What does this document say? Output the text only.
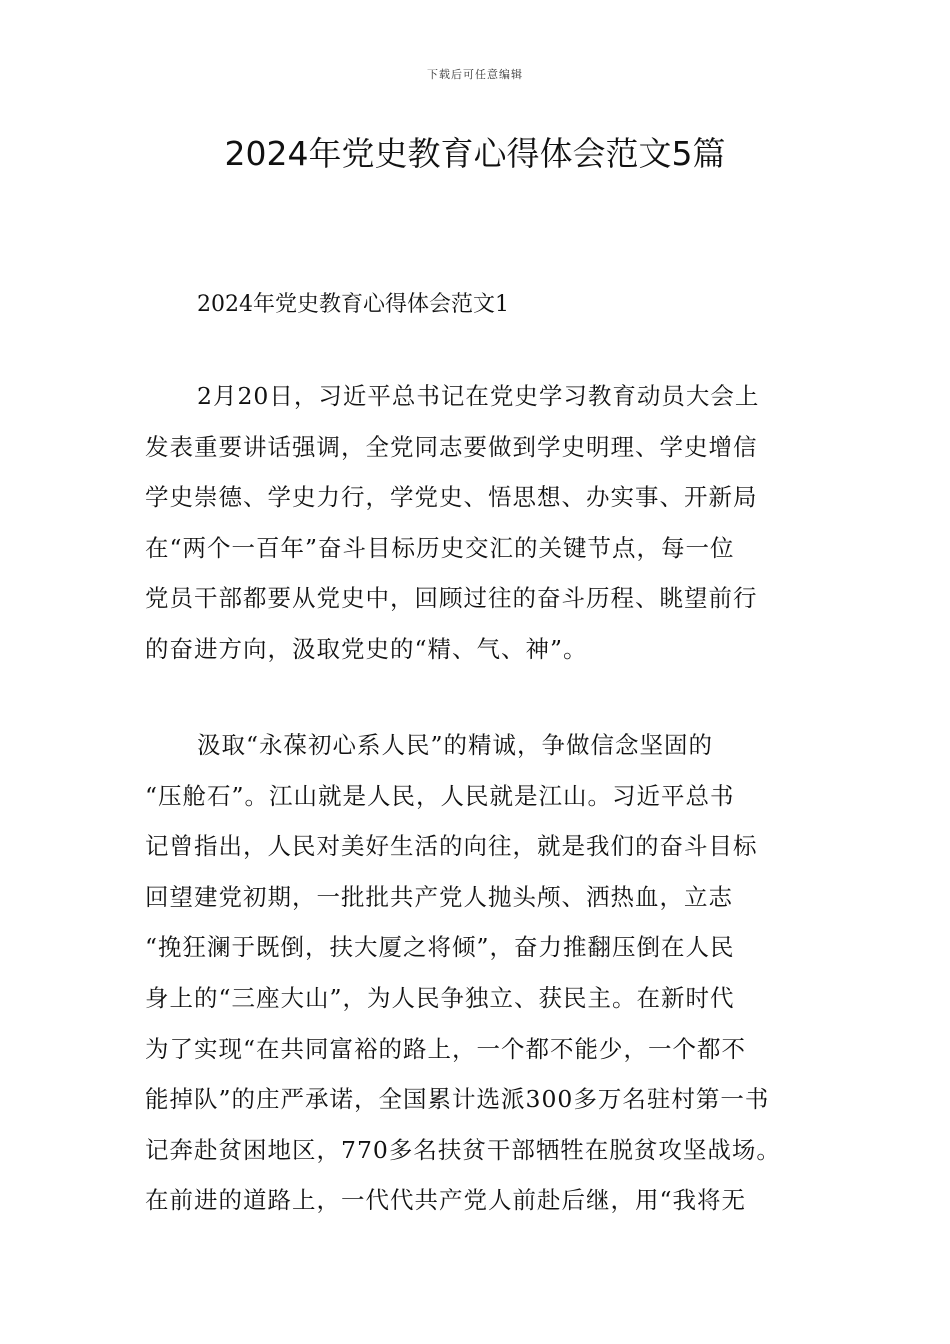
下载后可任意编辑
2024年党史教育心得体会范文5篇

2024年党史教育心得体会范文1

2月20日，习近平总书记在党史学习教育动员大会上
发表重要讲话强调，全党同志要做到学史明理、学史增信
学史崇德、学史力行，学党史、悟思想、办实事、开新局
在“两个一百年”奋斗目标历史交汇的关键节点，每一位
党员干部都要从党史中，回顾过往的奋斗历程、眺望前行
的奋进方向，汲取党史的“精、气、神”。
汲取“永葆初心系人民”的精诚，争做信念坚固的
“压舱石”。江山就是人民，人民就是江山。习近平总书
记曾指出，人民对美好生活的向往，就是我们的奋斗目标
回望建党初期，一批批共产党人抛头颅、洒热血，立志
“挽狂澜于既倒，扶大厦之将倾”，奋力推翻压倒在人民
身上的“三座大山”，为人民争独立、获民主。在新时代
为了实现“在共同富裕的路上，一个都不能少，一个都不
能掉队”的庄严承诺，全国累计选派300多万名驻村第一书
记奔赴贫困地区，770多名扶贫干部牺牲在脱贫攻坚战场。
在前进的道路上，一代代共产党人前赴后继，用“我将无
